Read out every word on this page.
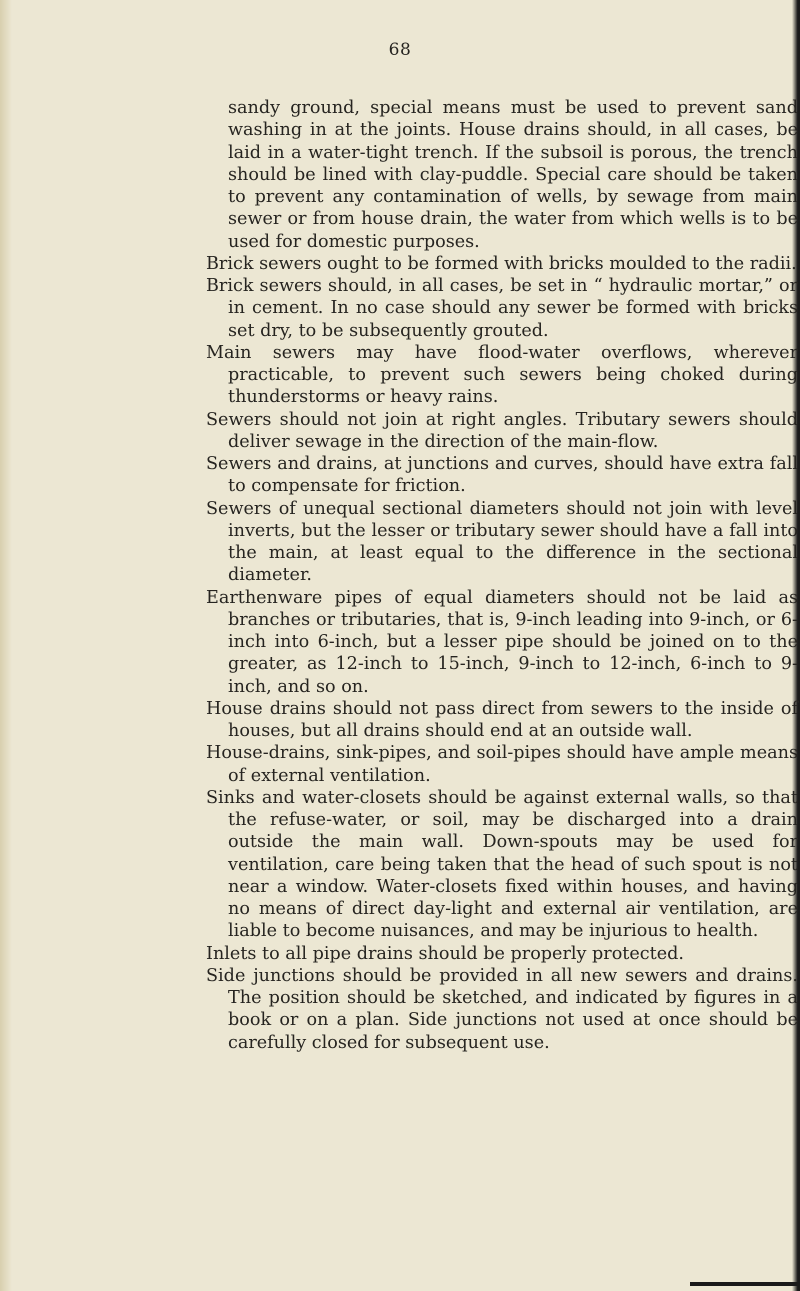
68

sandy ground, special means must be used to prevent sand washing in at the joints. House drains should, in all cases, be laid in a water-tight trench. If the subsoil is porous, the trench should be lined with clay-puddle. Special care should be taken to prevent any contamination of wells, by sewage from main sewer or from house drain, the water from which wells is to be used for domestic purposes.

Brick sewers ought to be formed with bricks moulded to the radii.

Brick sewers should, in all cases, be set in “ hydraulic mortar,” or in cement. In no case should any sewer be formed with bricks set dry, to be subsequently grouted.

Main sewers may have flood-water overflows, wherever practicable, to prevent such sewers being choked during thunderstorms or heavy rains.

Sewers should not join at right angles. Tributary sewers should deliver sewage in the direction of the main-flow.

Sewers and drains, at junctions and curves, should have extra fall to compensate for friction.

Sewers of unequal sectional diameters should not join with level inverts, but the lesser or tributary sewer should have a fall into the main, at least equal to the difference in the sectional diameter.

Earthenware pipes of equal diameters should not be laid as branches or tributaries, that is, 9-inch leading into 9-inch, or 6-inch into 6-inch, but a lesser pipe should be joined on to the greater, as 12-inch to 15-inch, 9-inch to 12-inch, 6-inch to 9-inch, and so on.

House drains should not pass direct from sewers to the inside of houses, but all drains should end at an outside wall.

House-drains, sink-pipes, and soil-pipes should have ample means of external ventilation.

Sinks and water-closets should be against external walls, so that the refuse-water, or soil, may be discharged into a drain outside the main wall. Down-spouts may be used for ventilation, care being taken that the head of such spout is not near a window. Water-closets fixed within houses, and having no means of direct day-light and external air ventilation, are liable to become nuisances, and may be injurious to health.

Inlets to all pipe drains should be properly protected.

Side junctions should be provided in all new sewers and drains. The position should be sketched, and indicated by figures in a book or on a plan. Side junctions not used at once should be carefully closed for subsequent use.
